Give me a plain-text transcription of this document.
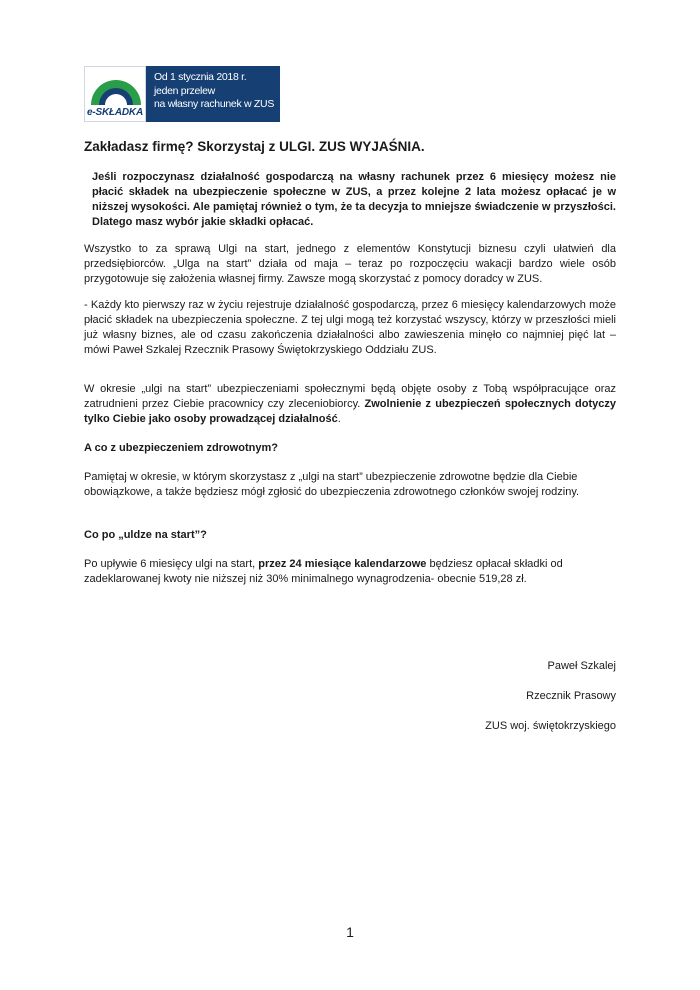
e-SKŁADKA
Od 1 stycznia 2018 r.
jeden przelew
na własny rachunek w ZUS
Zakładasz firmę? Skorzystaj z ULGI. ZUS WYJAŚNIA.

Jeśli rozpoczynasz działalność gospodarczą na własny rachunek przez 6 miesięcy możesz nie płacić składek na ubezpieczenie społeczne w ZUS, a przez kolejne 2 lata możesz opłacać je w niższej wysokości. Ale pamiętaj również o tym, że ta decyzja to mniejsze świadczenie w przyszłości. Dlatego masz wybór jakie składki opłacać.

Wszystko to za sprawą Ulgi na start, jednego z elementów Konstytucji biznesu czyli ułatwień dla przedsiębiorców. „Ulga na start” działa od maja – teraz po rozpoczęciu wakacji bardzo wiele osób przygotowuje się założenia własnej firmy. Zawsze mogą skorzystać z pomocy doradcy w ZUS.

- Każdy kto pierwszy raz w życiu rejestruje działalność gospodarczą, przez 6 miesięcy kalendarzowych może płacić składek na ubezpieczenia społeczne. Z tej ulgi mogą też korzystać wszyscy, którzy w przeszłości mieli już własny biznes, ale od czasu zakończenia działalności albo zawieszenia minęło co najmniej pięć lat – mówi Paweł Szkalej Rzecznik Prasowy Świętokrzyskiego Oddziału ZUS.

W okresie „ulgi na start” ubezpieczeniami społecznymi będą objęte osoby z Tobą współpracujące oraz zatrudnieni przez Ciebie pracownicy czy zleceniobiorcy. Zwolnienie z ubezpieczeń społecznych dotyczy tylko Ciebie jako osoby prowadzącej działalność.

A co z ubezpieczeniem zdrowotnym?

Pamiętaj w okresie, w którym skorzystasz z „ulgi na start” ubezpieczenie zdrowotne będzie dla Ciebie obowiązkowe, a także będziesz mógł zgłosić do ubezpieczenia zdrowotnego członków swojej rodziny.

Co po „uldze na start”?

Po upływie 6 miesięcy ulgi na start, przez 24 miesiące kalendarzowe będziesz opłacał składki od zadeklarowanej kwoty nie niższej niż 30% minimalnego wynagrodzenia- obecnie 519,28 zł.

Paweł Szkalej

Rzecznik Prasowy

ZUS woj. świętokrzyskiego

1
